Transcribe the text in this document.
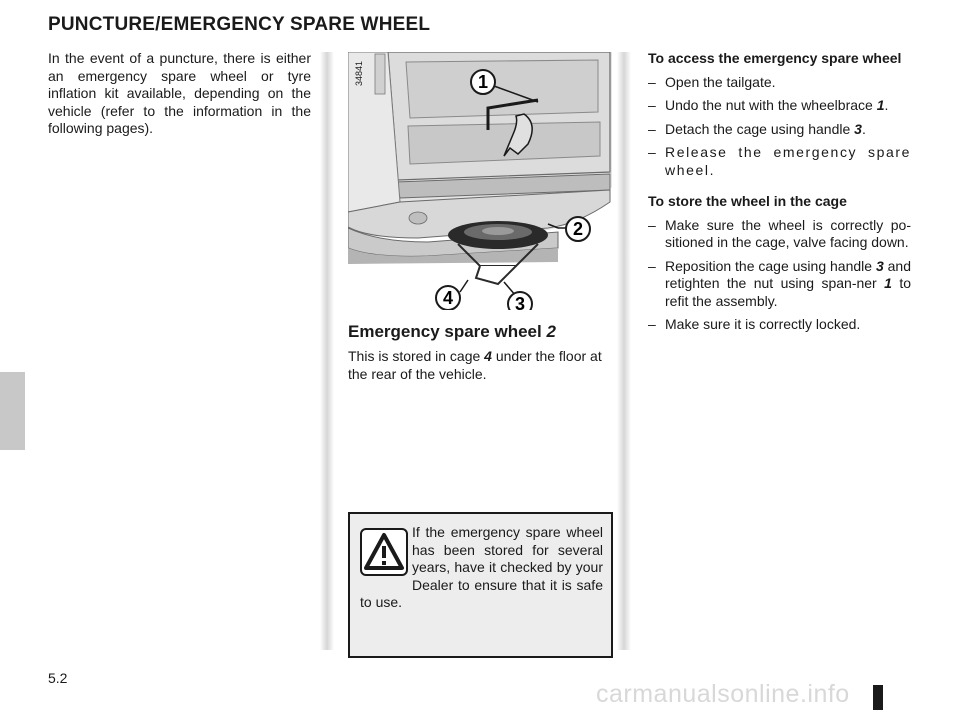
PUNCTURE/EMERGENCY SPARE WHEEL
In the event of a puncture, there is either an emergency spare wheel or tyre inflation kit available, depending on the vehicle (refer to the information in the following pages).
1
2
3
4
34841
Emergency spare wheel 2
This is stored in cage 4 under the floor at the rear of the vehicle.
If the emergency spare wheel has been stored for several years, have it checked by your Dealer to ensure that it is safe to use.
To access the emergency spare wheel
– Open the tailgate.
– Undo the nut with the wheelbrace 1.
– Detach the cage using handle 3.
– Release the emergency spare wheel.
To store the wheel in the cage
– Make sure the wheel is correctly po-sitioned in the cage, valve facing down.
– Reposition the cage using handle 3 and retighten the nut using span-ner 1 to refit the assembly.
– Make sure it is correctly locked.
5.2
carmanualsonline.info
